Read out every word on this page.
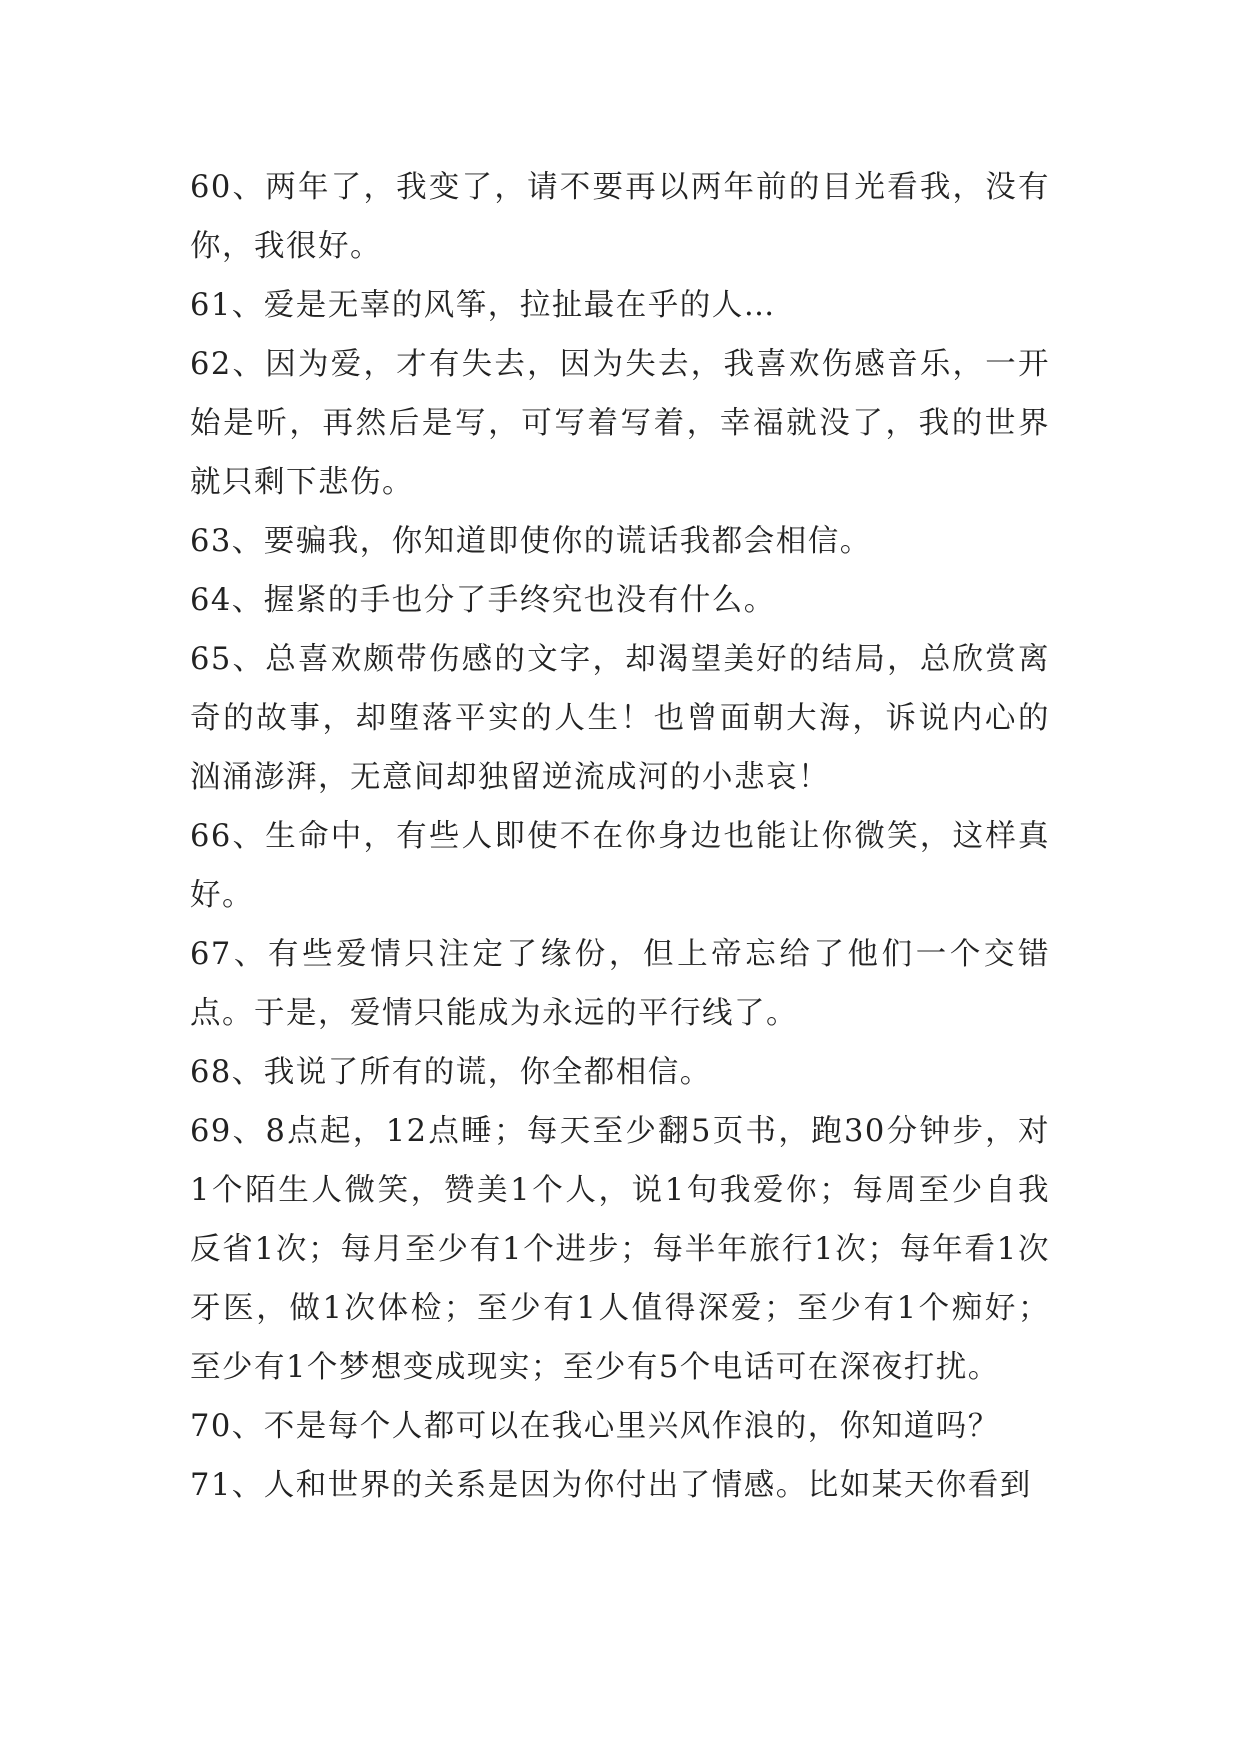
60、两年了，我变了，请不要再以两年前的目光看我，没有你，我很好。

61、爱是无辜的风筝，拉扯最在乎的人…

62、因为爱，才有失去，因为失去，我喜欢伤感音乐，一开始是听，再然后是写，可写着写着，幸福就没了，我的世界就只剩下悲伤。

63、要骗我，你知道即使你的谎话我都会相信。

64、握紧的手也分了手终究也没有什么。

65、总喜欢颇带伤感的文字，却渴望美好的结局，总欣赏离奇的故事，却堕落平实的人生！也曾面朝大海，诉说内心的汹涌澎湃，无意间却独留逆流成河的小悲哀！

66、生命中，有些人即使不在你身边也能让你微笑，这样真好。

67、有些爱情只注定了缘份，但上帝忘给了他们一个交错点。于是，爱情只能成为永远的平行线了。

68、我说了所有的谎，你全都相信。

69、8点起，12点睡；每天至少翻5页书，跑30分钟步，对1个陌生人微笑，赞美1个人，说1句我爱你；每周至少自我反省1次；每月至少有1个进步；每半年旅行1次；每年看1次牙医，做1次体检；至少有1人值得深爱；至少有1个痴好；至少有1个梦想变成现实；至少有5个电话可在深夜打扰。

70、不是每个人都可以在我心里兴风作浪的，你知道吗？

71、人和世界的关系是因为你付出了情感。比如某天你看到
